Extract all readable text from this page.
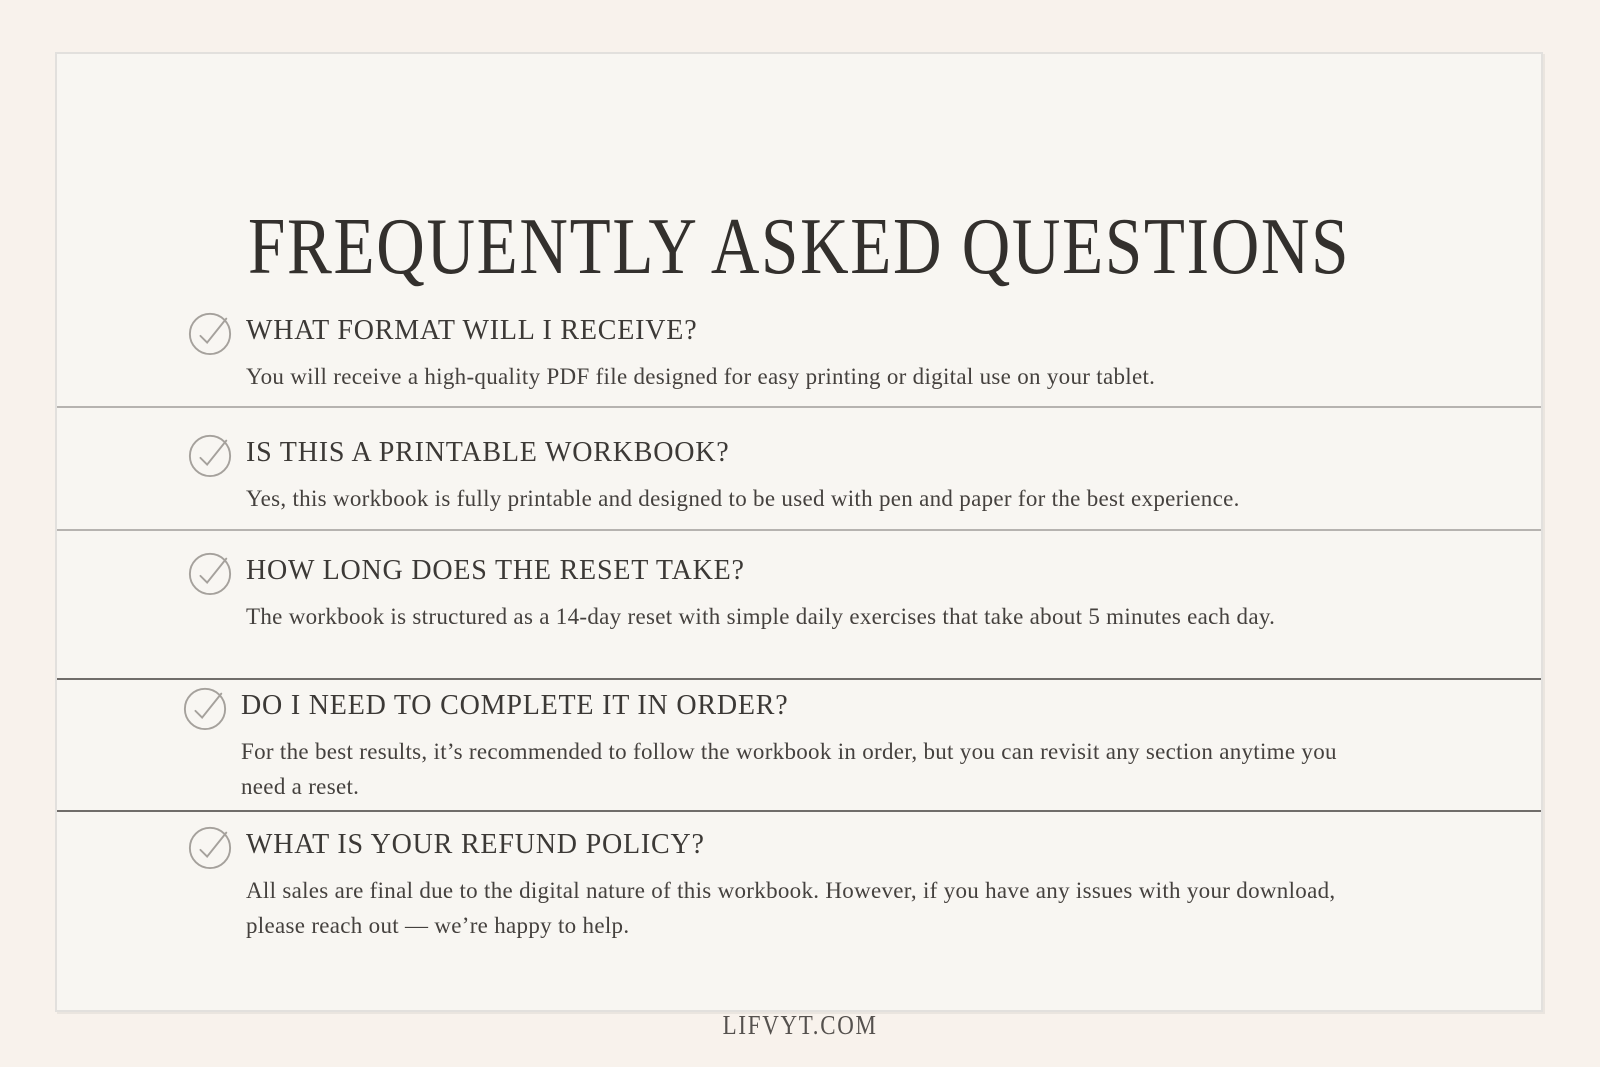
FREQUENTLY ASKED QUESTIONS
WHAT FORMAT WILL I RECEIVE?

You will receive a high-quality PDF file designed for easy printing or digital use on your tablet.

IS THIS A PRINTABLE WORKBOOK?

Yes, this workbook is fully printable and designed to be used with pen and paper for the best experience.

HOW LONG DOES THE RESET TAKE?

The workbook is structured as a 14-day reset with simple daily exercises that take about 5 minutes each day.

DO I NEED TO COMPLETE IT IN ORDER?

For the best results, it’s recommended to follow the workbook in order, but you can revisit any section anytime you need a reset.

WHAT IS YOUR REFUND POLICY?

All sales are final due to the digital nature of this workbook. However, if you have any issues with your download, please reach out — we’re happy to help.

LIFVYT.COM
